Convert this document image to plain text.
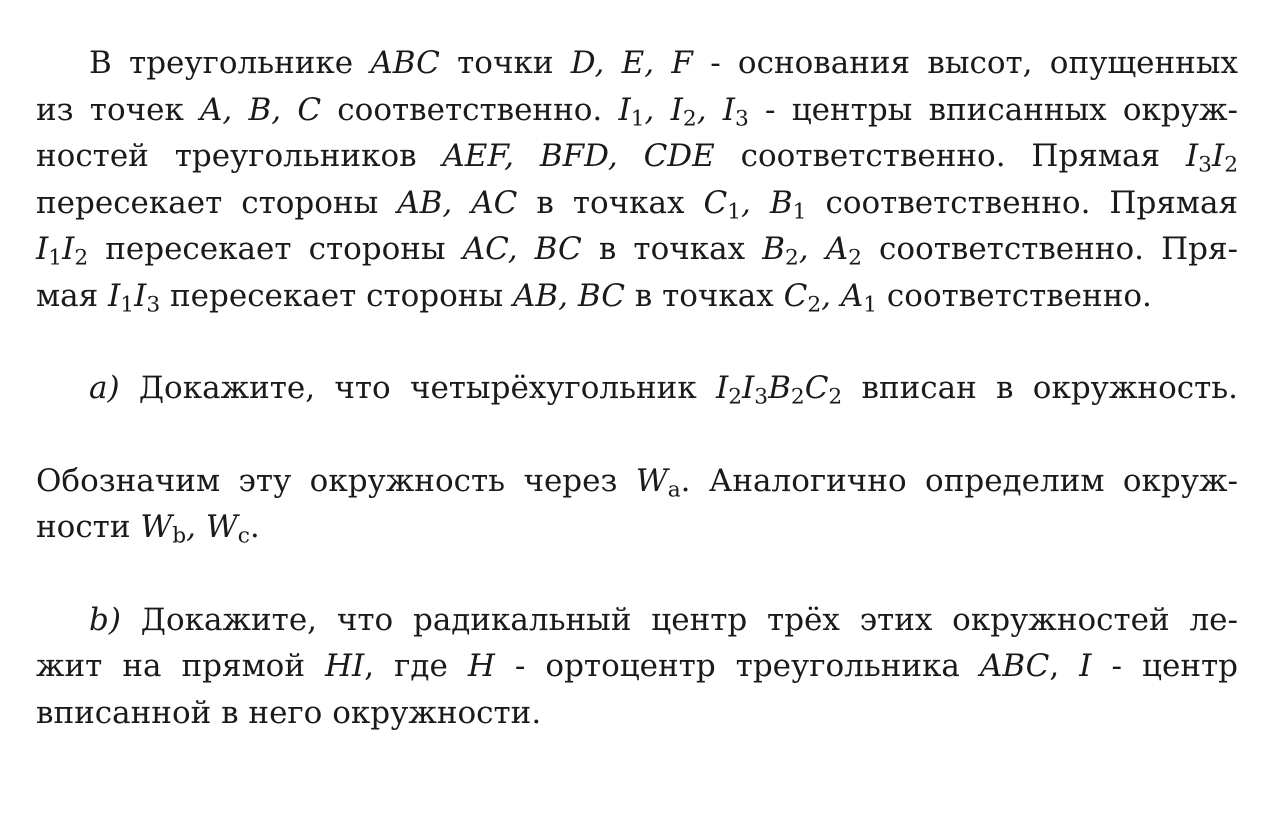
В треугольнике ABC точки D, E, F - основания высот, опущенных
из точек A, B, C соответственно. $I_1$, $I_2$, $I_3$ - центры вписанных окруж-
ностей треугольников AEF, BFD, CDE соответственно. Прямая $I_3I_2$
пересекает стороны AB, AC в точках $C_1$, $B_1$ соответственно. Прямая
$I_1I_2$ пересекает стороны AC, BC в точках $B_2$, $A_2$ соответственно. Пря-
мая $I_1I_3$ пересекает стороны AB, BC в точках $C_2$, $A_1$ соответственно.
a) Докажите, что четырёхугольник $I_2I_3B_2C_2$ вписан в окружность.
Обозначим эту окружность через $W_a$. Аналогично определим окруж-
ности $W_b$, $W_c$.
b) Докажите, что радикальный центр трёх этих окружностей ле-
жит на прямой HI, где H - ортоцентр треугольника ABC, I - центр
вписанной в него окружности.
